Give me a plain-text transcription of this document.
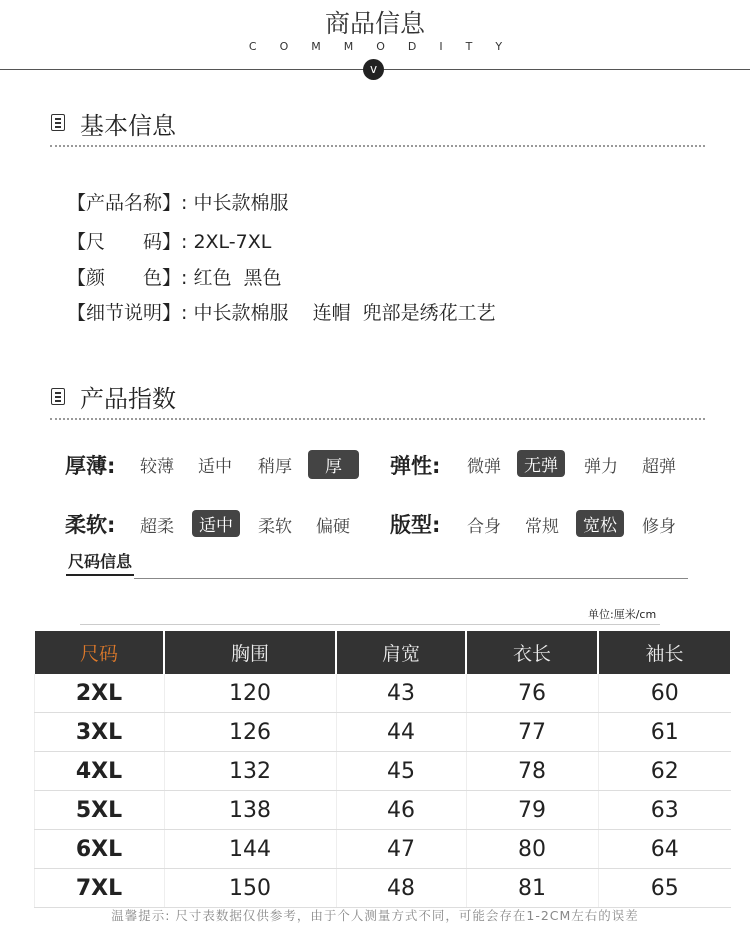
商品信息
COMMODITY
v
基本信息
【产品名称】: 中长款棉服
【尺　　码】: 2XL-7XL
【颜　　色】: 红色  黑色
【细节说明】: 中长款棉服    连帽  兜部是绣花工艺
产品指数
厚薄: 较薄 适中 稍厚	厚	弹性: 微弹	无弹	弹力 超弹
柔软: 超柔	适中	柔软 偏硬 版型: 合身 常规	宽松	修身
尺码信息
单位:厘米/cm
尺码	胸围	肩宽	衣长	袖长
2XL	120	43	76	60
3XL	126	44	77	61
4XL	132	45	78	62
5XL	138	46	79	63
6XL	144	47	80	64
7XL	150	48	81	65
温馨提示: 尺寸表数据仅供参考，由于个人测量方式不同，可能会存在1-2CM左右的误差
